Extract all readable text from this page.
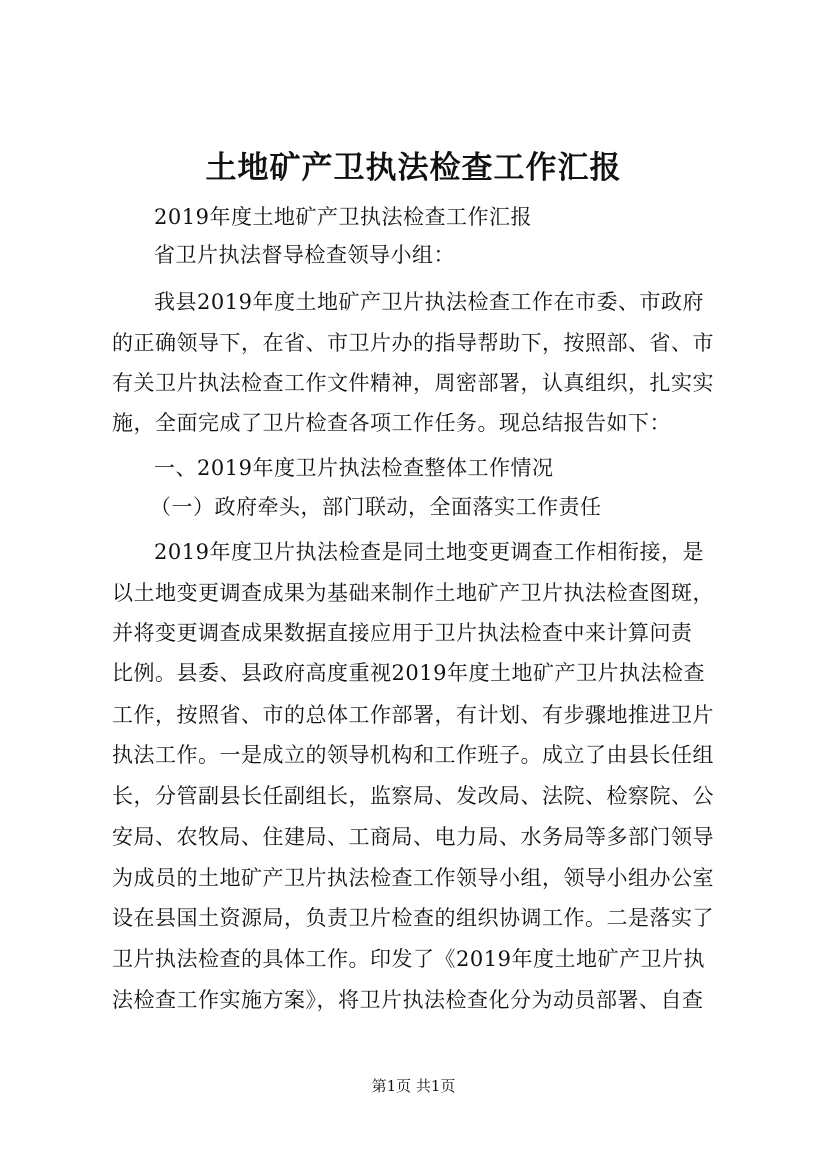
土地矿产卫执法检查工作汇报
2019年度土地矿产卫执法检查工作汇报
省卫片执法督导检查领导小组：
我县2019年度土地矿产卫片执法检查工作在市委、市政府
的正确领导下，在省、市卫片办的指导帮助下，按照部、省、市
有关卫片执法检查工作文件精神，周密部署，认真组织，扎实实
施，全面完成了卫片检查各项工作任务。现总结报告如下：
一、2019年度卫片执法检查整体工作情况
（一）政府牵头，部门联动，全面落实工作责任
2019年度卫片执法检查是同土地变更调查工作相衔接，是
以土地变更调查成果为基础来制作土地矿产卫片执法检查图斑，
并将变更调查成果数据直接应用于卫片执法检查中来计算问责
比例。县委、县政府高度重视2019年度土地矿产卫片执法检查
工作，按照省、市的总体工作部署，有计划、有步骤地推进卫片
执法工作。一是成立的领导机构和工作班子。成立了由县长任组
长，分管副县长任副组长，监察局、发改局、法院、检察院、公
安局、农牧局、住建局、工商局、电力局、水务局等多部门领导
为成员的土地矿产卫片执法检查工作领导小组，领导小组办公室
设在县国土资源局，负责卫片检查的组织协调工作。二是落实了
卫片执法检查的具体工作。印发了《2019年度土地矿产卫片执
法检查工作实施方案》，将卫片执法检查化分为动员部署、自查
第1页 共1页
